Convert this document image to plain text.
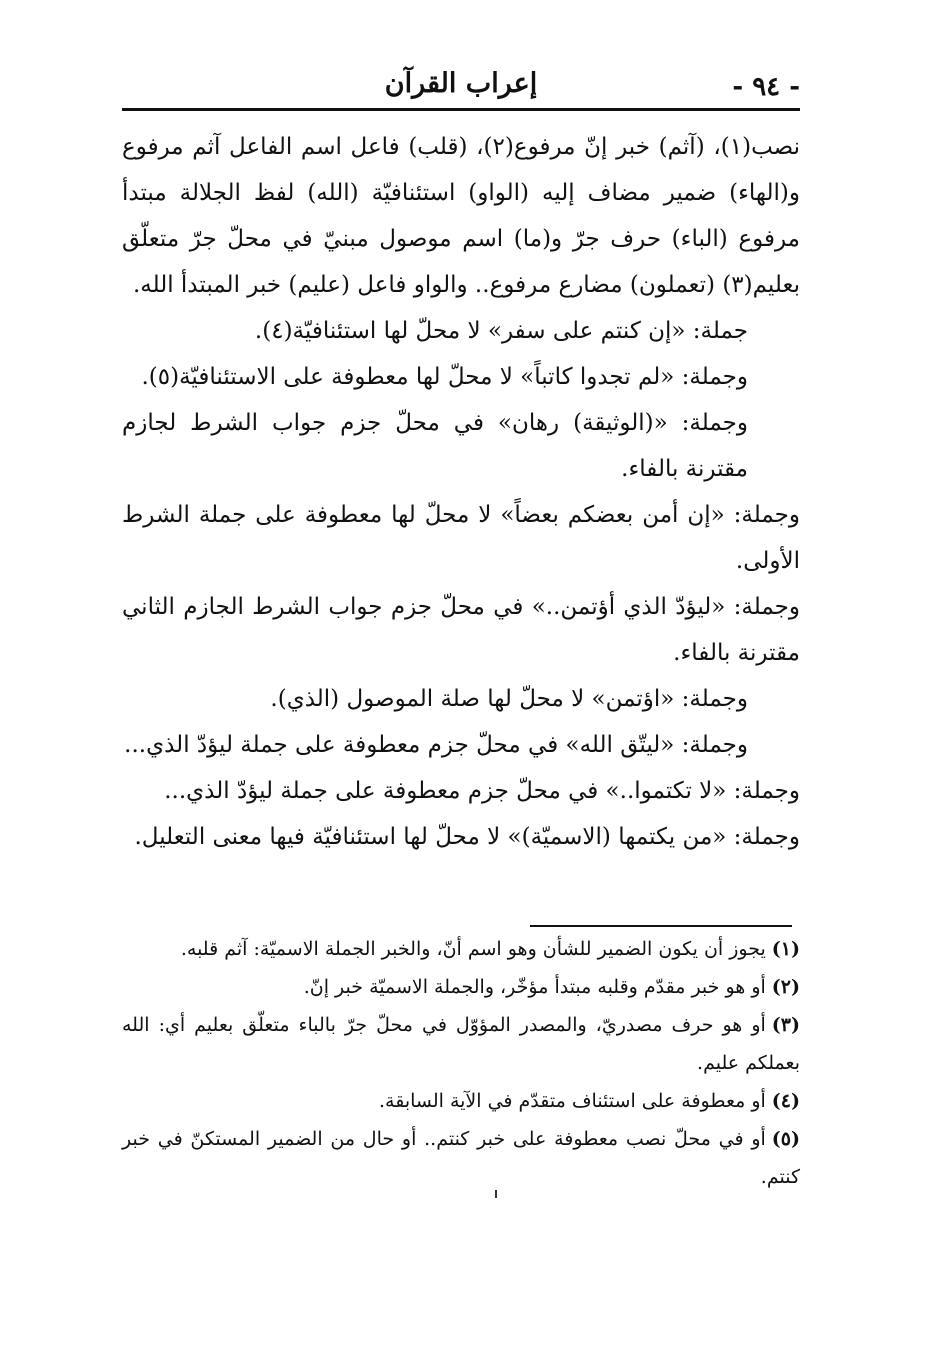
- ٩٤ -
إعراب القرآن

نصب(١)، (آثم) خبر إنّ مرفوع(٢)، (قلب) فاعل اسم الفاعل آثم مرفوع و(الهاء) ضمير مضاف إليه (الواو) استئنافيّة (الله) لفظ الجلالة مبتدأ مرفوع (الباء) حرف جرّ و(ما) اسم موصول مبنيّ في محلّ جرّ متعلّق بعليم(٣) (تعملون) مضارع مرفوع.. والواو فاعل (عليم) خبر المبتدأ الله.

جملة: «إن كنتم على سفر» لا محلّ لها استئنافيّة(٤).
وجملة: «لم تجدوا كاتباً» لا محلّ لها معطوفة على الاستئنافيّة(٥).
وجملة: «(الوثيقة) رهان» في محلّ جزم جواب الشرط لجازم مقترنة بالفاء.
وجملة: «إن أمن بعضكم بعضاً» لا محلّ لها معطوفة على جملة الشرط الأولى.
وجملة: «ليؤدّ الذي أؤتمن..» في محلّ جزم جواب الشرط الجازم الثاني مقترنة بالفاء.
وجملة: «اؤتمن» لا محلّ لها صلة الموصول (الذي).
وجملة: «ليتّق الله» في محلّ جزم معطوفة على جملة ليؤدّ الذي...
وجملة: «لا تكتموا..» في محلّ جزم معطوفة على جملة ليؤدّ الذي...
وجملة: «من يكتمها (الاسميّة)» لا محلّ لها استئنافيّة فيها معنى التعليل.
(١)يجوز أن يكون الضمير للشأن وهو اسم أنّ، والخبر الجملة الاسميّة: آثم قلبه.
(٢)أو هو خبر مقدّم وقلبه مبتدأ مؤخّر، والجملة الاسميّة خبر إنّ.
(٣)أو هو حرف مصدريّ، والمصدر المؤوّل في محلّ جرّ بالباء متعلّق بعليم أي: الله بعملكم عليم.
(٤)أو معطوفة على استئناف متقدّم في الآية السابقة.
(٥)أو في محلّ نصب معطوفة على خبر كنتم.. أو حال من الضمير المستكنّ في خبر كنتم.
